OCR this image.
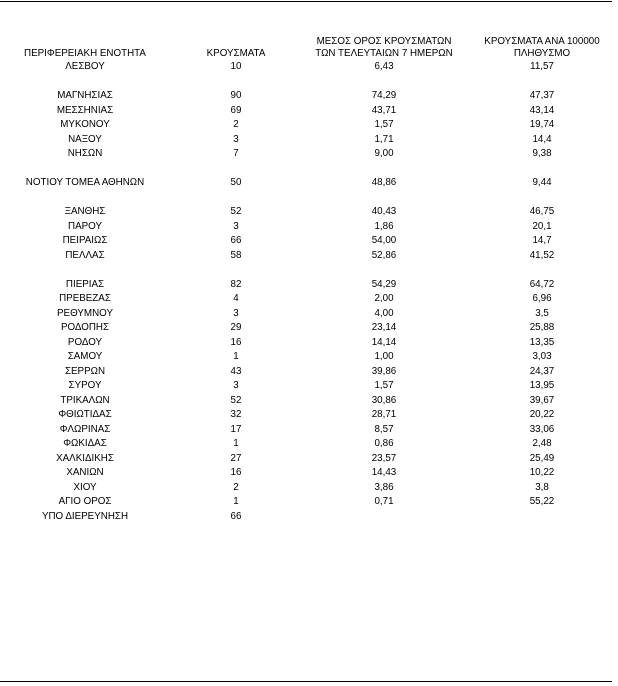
ΠΕΡΙΦΕΡΕΙΑΚΗ ΕΝΟΤΗΤΑ	ΚΡΟΥΣΜΑΤΑ
ΜΕΣΟΣ ΟΡΟΣ ΚΡΟΥΣΜΑΤΩΝ
ΤΩΝ ΤΕΛΕΥΤΑΙΩΝ 7 ΗΜΕΡΩΝ
ΚΡΟΥΣΜΑΤΑ ΑΝΑ 100000
ΠΛΗΘΥΣΜΟ
ΛΕΣΒΟΥ	10	6,43	11,57
ΜΑΓΝΗΣΙΑΣ	90	74,29	47,37
ΜΕΣΣΗΝΙΑΣ	69	43,71	43,14
ΜΥΚΟΝΟΥ	2	1,57	19,74
ΝΑΞΟΥ	3	1,71	14,4
ΝΗΣΩΝ	7	9,00	9,38
ΝΟΤΙΟΥ ΤΟΜΕΑ ΑΘΗΝΩΝ	50	48,86	9,44
ΞΑΝΘΗΣ	52	40,43	46,75
ΠΑΡΟΥ	3	1,86	20,1
ΠΕΙΡΑΙΩΣ	66	54,00	14,7
ΠΕΛΛΑΣ	58	52,86	41,52
ΠΙΕΡΙΑΣ	82	54,29	64,72
ΠΡΕΒΕΖΑΣ	4	2,00	6,96
ΡΕΘΥΜΝΟΥ	3	4,00	3,5
ΡΟΔΟΠΗΣ	29	23,14	25,88
ΡΟΔΟΥ	16	14,14	13,35
ΣΑΜΟΥ	1	1,00	3,03
ΣΕΡΡΩΝ	43	39,86	24,37
ΣΥΡΟΥ	3	1,57	13,95
ΤΡΙΚΑΛΩΝ	52	30,86	39,67
ΦΘΙΩΤΙΔΑΣ	32	28,71	20,22
ΦΛΩΡΙΝΑΣ	17	8,57	33,06
ΦΩΚΙΔΑΣ	1	0,86	2,48
ΧΑΛΚΙΔΙΚΗΣ	27	23,57	25,49
ΧΑΝΙΩΝ	16	14,43	10,22
ΧΙΟΥ	2	3,86	3,8
ΑΓΙΟ ΟΡΟΣ	1	0,71	55,22
ΥΠΟ ΔΙΕΡΕΥΝΗΣΗ	66
